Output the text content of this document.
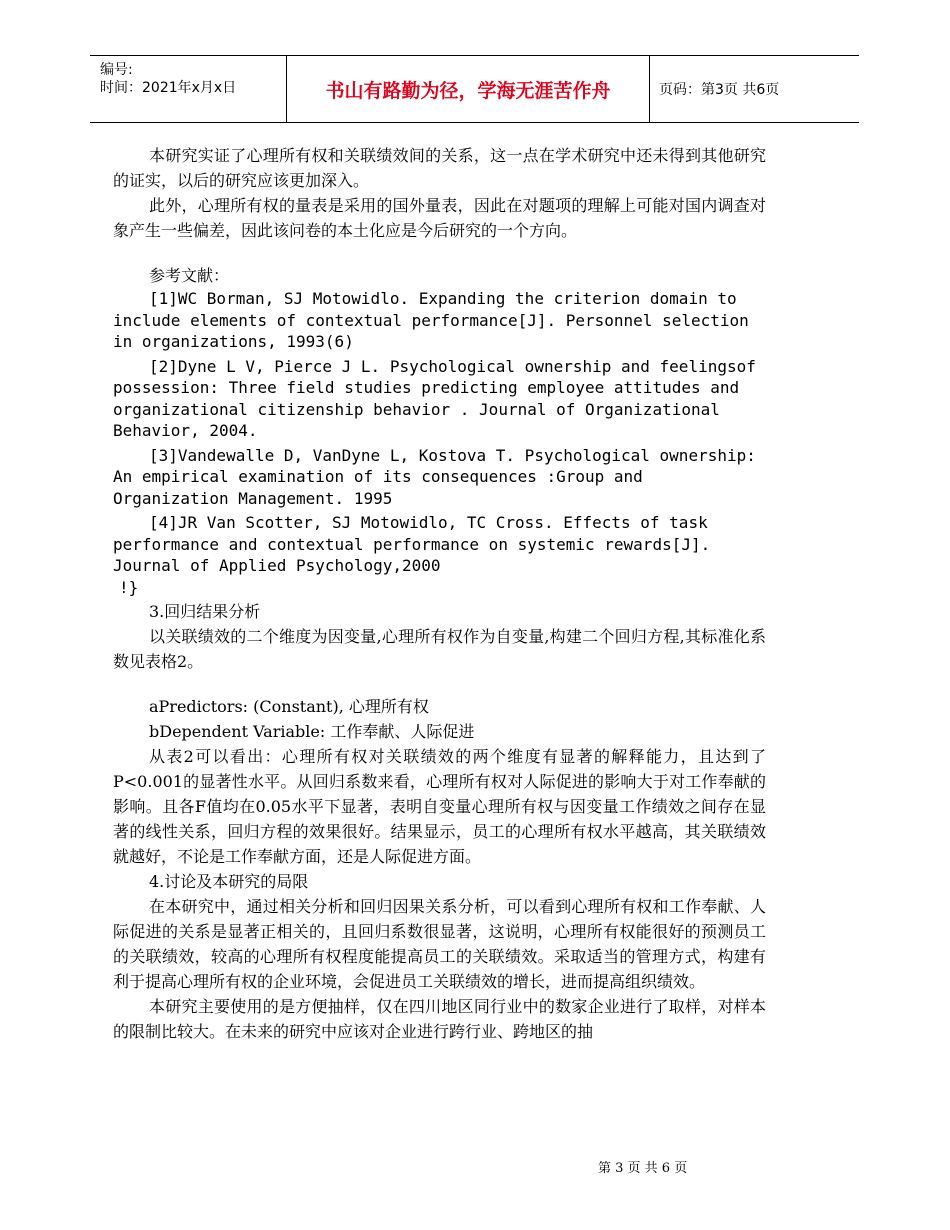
编号:
时间：2021年x月x日	书山有路勤为径，学海无涯苦作舟	页码：第3页 共6页

本研究实证了心理所有权和关联绩效间的关系，这一点在学术研究中还未得到其他研究的证实，以后的研究应该更加深入。

此外，心理所有权的量表是采用的国外量表，因此在对题项的理解上可能对国内调查对象产生一些偏差，因此该问卷的本土化应是今后研究的一个方向。

参考文献：

[1]WC Borman, SJ Motowidlo. Expanding the criterion domain to include elements of contextual performance[J]. Personnel selection in organizations, 1993(6)

[2]Dyne L V, Pierce J L. Psychological ownership and feelingsof possession: Three field studies predicting employee attitudes and organizational citizenship behavior . Journal of Organizational Behavior, 2004.

[3]Vandewalle D, VanDyne L, Kostova T. Psychological ownership: An empirical examination of its consequences :Group and Organization Management. 1995

[4]JR Van Scotter, SJ Motowidlo, TC Cross. Effects of task performance and contextual performance on systemic rewards[J]. Journal of Applied Psychology,2000

!}

3.回归结果分析

以关联绩效的二个维度为因变量,心理所有权作为自变量,构建二个回归方程,其标准化系数见表格2。

aPredictors: (Constant), 心理所有权

bDependent Variable: 工作奉献、人际促进

从表2可以看出：心理所有权对关联绩效的两个维度有显著的解释能力，且达到了P<0.001的显著性水平。从回归系数来看，心理所有权对人际促进的影响大于对工作奉献的影响。且各F值均在0.05水平下显著，表明自变量心理所有权与因变量工作绩效之间存在显著的线性关系，回归方程的效果很好。结果显示，员工的心理所有权水平越高，其关联绩效就越好，不论是工作奉献方面，还是人际促进方面。

4.讨论及本研究的局限

在本研究中，通过相关分析和回归因果关系分析，可以看到心理所有权和工作奉献、人际促进的关系是显著正相关的，且回归系数很显著，这说明，心理所有权能很好的预测员工的关联绩效，较高的心理所有权程度能提高员工的关联绩效。采取适当的管理方式，构建有利于提高心理所有权的企业环境，会促进员工关联绩效的增长，进而提高组织绩效。

本研究主要使用的是方便抽样，仅在四川地区同行业中的数家企业进行了取样，对样本的限制比较大。在未来的研究中应该对企业进行跨行业、跨地区的抽

第 3 页 共 6 页
